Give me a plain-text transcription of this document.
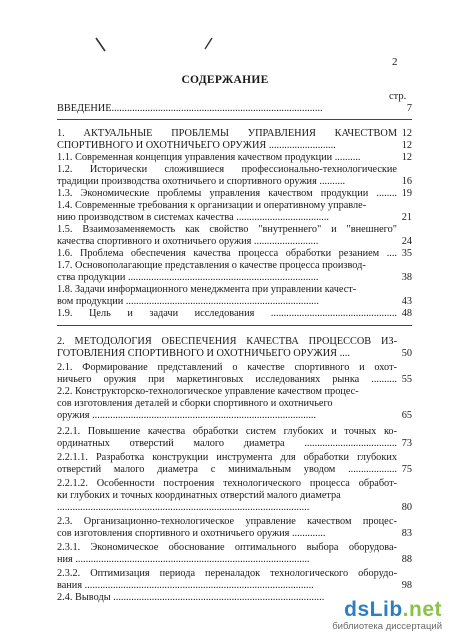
2
СОДЕРЖАНИЕ
стр.
ВВЕДЕНИЕ..................................................................................	7
1. АКТУАЛЬНЫЕ ПРОБЛЕМЫ УПРАВЛЕНИЯ КАЧЕСТВОМ 12
СПОРТИВНОГО И ОХОТНИЧЬЕГО ОРУЖИЯ ..........................	12
1.1. Современная концепция управления качеством продукции ..........	12
1.2. Исторически сложившиеся профессионально-технологические
традиции производства охотничьего и спортивного оружия ..........	16
1.3. Экономические проблемы управления качеством продукции ........ 19
1.4. Современные требования к организации и оперативному управле-
нию производством в системах качества ....................................	21
1.5. Взаимозаменяемость как свойство "внутреннего" и "внешнего"
качества спортивного и охотничьего оружия .........................	24
1.6. Проблема обеспечения качества процесса обработки резанием .... 35
1.7. Основополагающие представления о качестве процесса производ-
ства продукции ..........................................................................	38
1.8. Задачи информационного менеджмента при управлении качест-
вом продукции ...........................................................................	43
1.9. Цель и задачи исследования ................................................. 48
2. МЕТОДОЛОГИЯ ОБЕСПЕЧЕНИЯ КАЧЕСТВА ПРОЦЕССОВ ИЗ-
ГОТОВЛЕНИЯ СПОРТИВНОГО И ОХОТНИЧЬЕГО ОРУЖИЯ ....	50
2.1. Формирование представлений о качестве спортивного и охот-
ничьего оружия при маркетинговых исследованиях рынка .......... 55
2.2. Конструкторско-технологическое управление качеством процес-
сов изготовления деталей и сборки спортивного и охотничьего
оружия .......................................................................................	65
2.2.1. Повышение качества обработки систем глубоких и точных ко-
ординатных отверстий малого диаметра .................................... 73
2.2.1.1. Разработка конструкции инструмента для обработки глубоких
отверстий малого диаметра с минимальным уводом ................... 75
2.2.1.2. Особенности построения технологического процесса обработ-
ки глубоких и точных координатных отверстий малого диаметра
..................................................................................................	80
2.3. Организационно-технологическое управление качеством процес-
сов изготовления спортивного и охотничьего оружия .............	83
2.3.1. Экономическое обоснование оптимального выбора оборудова-
ния ...........................................................................................	88
2.3.2. Оптимизация периода переналадок технологического оборудо-
вания .........................................................................................	98
2.4. Выводы ..................................................................................
dsLib.net
библиотека диссертаций
